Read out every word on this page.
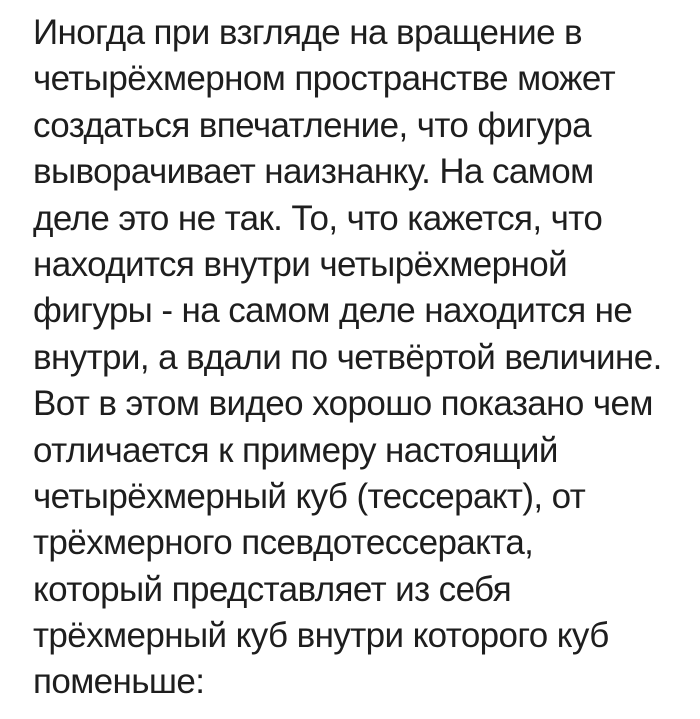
Иногда при взгляде на вращение в
четырёхмерном пространстве может
создаться впечатление, что фигура
выворачивает наизнанку. На самом
деле это не так. То, что кажется, что
находится внутри четырёхмерной
фигуры - на самом деле находится не
внутри, а вдали по четвёртой величине.
Вот в этом видео хорошо показано чем
отличается к примеру настоящий
четырёхмерный куб (тессеракт), от
трёхмерного псевдотессеракта,
который представляет из себя
трёхмерный куб внутри которого куб
поменьше:
